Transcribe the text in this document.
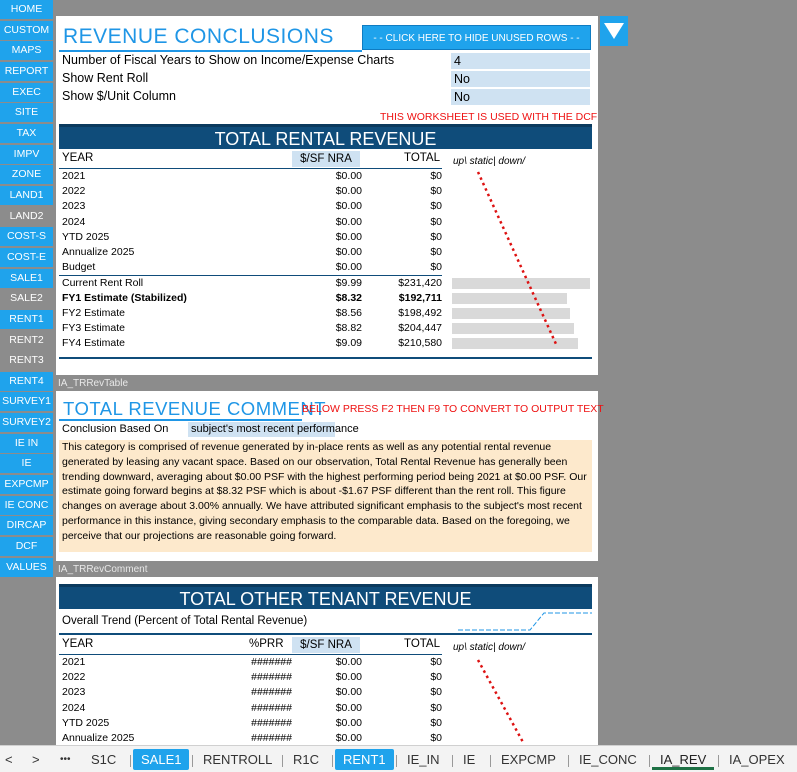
HOME
CUSTOM
MAPS
REPORT
EXEC
SITE
TAX
IMPV
ZONE
LAND1
LAND2
COST-S
COST-E
SALE1
SALE2
RENT1
RENT2
RENT3
RENT4
SURVEY1
SURVEY2
IE IN
IE
EXPCMP
IE CONC
DIRCAP
DCF
VALUES
REVENUE CONCLUSIONS	- - CLICK HERE TO HIDE UNUSED ROWS - -
Number of Fiscal Years to Show on Income/Expense Charts	4
Show Rent Roll	No
Show $/Unit Column	No
THIS WORKSHEET IS USED WITH THE DCF
TOTAL RENTAL REVENUE
YEAR	$/SF NRA	TOTAL up\ static| down/
2021	$0.00	$0
2022	$0.00	$0
2023	$0.00	$0
2024	$0.00	$0
YTD 2025	$0.00	$0
Annualize 2025	$0.00	$0
Budget	$0.00	$0
Current Rent Roll	$9.99	$231,420
FY1 Estimate (Stabilized)	$8.32	$192,711
FY2 Estimate	$8.56	$198,492
FY3 Estimate	$8.82	$204,447
FY4 Estimate	$9.09	$210,580
IA_TRRevTable
TOTAL REVENUE COMMENT
BELOW PRESS F2 THEN F9 TO CONVERT TO OUTPUT TEXT
Conclusion Based On subject's most recent performance
This category is comprised of revenue generated by in-place rents as well as any potential rental revenue generated by leasing any vacant space. Based on our observation, Total Rental Revenue has generally been trending downward, averaging about $0.00 PSF with the highest performing period being 2021 at $0.00 PSF. Our estimate going forward begins at $8.32 PSF which is about -$1.67 PSF different than the rent roll. This figure changes on average about 3.00% annually. We have attributed significant emphasis to the subject's most recent performance in this instance, giving secondary emphasis to the comparable data. Based on the foregoing, we perceive that our projections are reasonable going forward.
IA_TRRevComment
TOTAL OTHER TENANT REVENUE
Overall Trend (Percent of Total Rental Revenue)
YEAR	%PRR	$/SF NRA	TOTAL up\ static| down/
2021	#######	$0.00	$0
2022	#######	$0.00	$0
2023	#######	$0.00	$0
2024	#######	$0.00	$0
YTD 2025	#######	$0.00	$0
Annualize 2025	#######	$0.00	$0
<	>	•••	S1C	SALE1	RENTROLL	R1C	RENT1	IE_IN	IE	EXPCMP	IE_CONC	IA_REV	IA_OPEX
